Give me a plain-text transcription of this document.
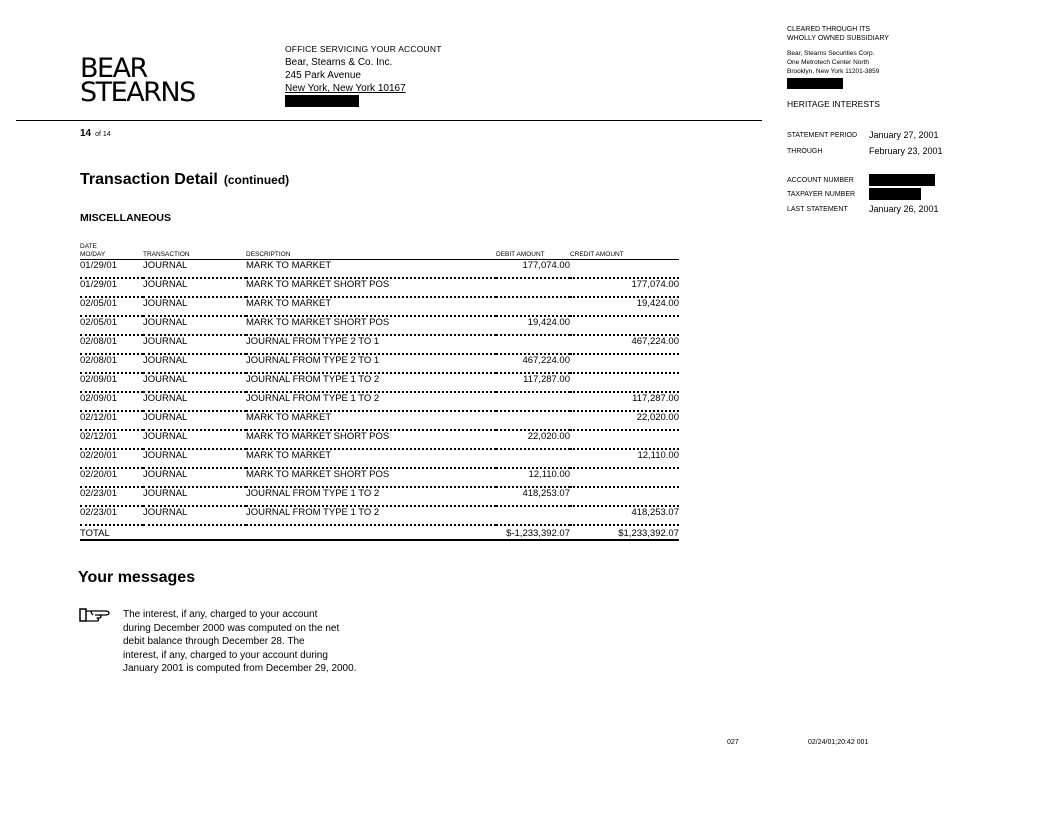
BEAR
STEARNS
OFFICE SERVICING YOUR ACCOUNT
Bear, Stearns & Co. Inc.
245 Park Avenue
New York, New York 10167
CLEARED THROUGH ITS
WHOLLY OWNED SUBSIDIARY
Bear, Stearns Securities Corp.
One Metrotech Center North
Brooklyn, New York 11201-3859
HERITAGE INTERESTS
STATEMENT PERIOD	January 27, 2001
THROUGH	February 23, 2001
ACCOUNT NUMBER
TAXPAYER NUMBER
LAST STATEMENT	January 26, 2001
14 of 14
Transaction Detail (continued)
MISCELLANEOUS
DATE
MO/DAY	TRANSACTION	DESCRIPTION	DEBIT AMOUNT	CREDIT AMOUNT
01/29/01	JOURNAL	MARK TO MARKET	177,074.00	
01/29/01	JOURNAL	MARK TO MARKET SHORT POS		177,074.00
02/05/01	JOURNAL	MARK TO MARKET		19,424.00
02/05/01	JOURNAL	MARK TO MARKET SHORT POS	19,424.00	
02/08/01	JOURNAL	JOURNAL FROM TYPE 2 TO 1		467,224.00
02/08/01	JOURNAL	JOURNAL FROM TYPE 2 TO 1	467,224.00	
02/09/01	JOURNAL	JOURNAL FROM TYPE 1 TO 2	117,287.00	
02/09/01	JOURNAL	JOURNAL FROM TYPE 1 TO 2		117,287.00
02/12/01	JOURNAL	MARK TO MARKET		22,020.00
02/12/01	JOURNAL	MARK TO MARKET SHORT POS	22,020.00	
02/20/01	JOURNAL	MARK TO MARKET		12,110.00
02/20/01	JOURNAL	MARK TO MARKET SHORT POS	12,110.00	
02/23/01	JOURNAL	JOURNAL FROM TYPE 1 TO 2	418,253.07	
02/23/01	JOURNAL	JOURNAL FROM TYPE 1 TO 2		418,253.07
TOTAL			$-1,233,392.07	$1,233,392.07
Your messages
The interest, if any, charged to your account
during December 2000 was computed on the net
debit balance through December 28. The
interest, if any, charged to your account during
January 2001 is computed from December 29, 2000.
027	02/24/01;20:42 001
